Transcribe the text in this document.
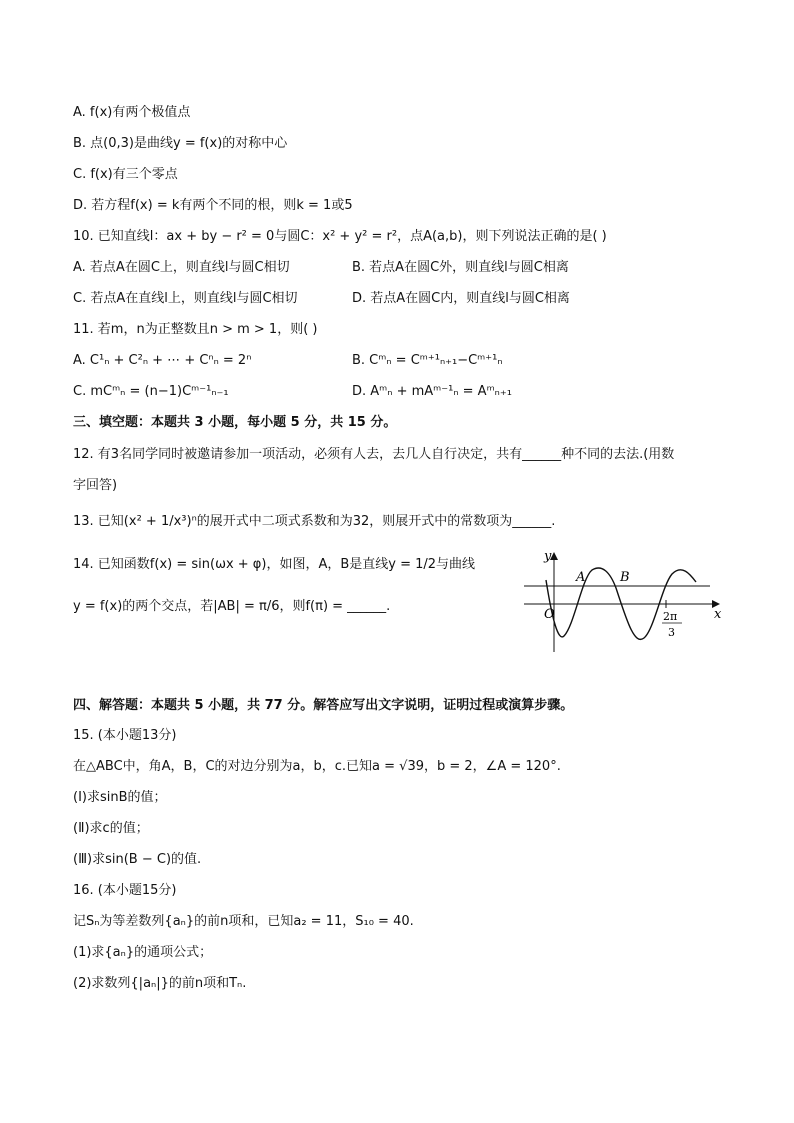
A. f(x)有两个极值点
B. 点(0,3)是曲线y = f(x)的对称中心
C. f(x)有三个零点
D. 若方程f(x) = k有两个不同的根，则k = 1或5
10. 已知直线l：ax + by − r² = 0与圆C：x² + y² = r²，点A(a,b)，则下列说法正确的是( )
11. 若m，n为正整数且n > m > 1，则( )
三、填空题：本题共 3 小题，每小题 5 分，共 15 分。
12. 有3名同学同时被邀请参加一项活动，必须有人去，去几人自行决定，共有______种不同的去法.(用数
字回答)
13. 已知(x² + 1/x³)ⁿ的展开式中二项式系数和为32，则展开式中的常数项为______.
14. 已知函数f(x) = sin(ωx + φ)，如图，A，B是直线y = 1/2与曲线
y = f(x)的两个交点，若|AB| = π/6，则f(π) = ______.
四、解答题：本题共 5 小题，共 77 分。解答应写出文字说明，证明过程或演算步骤。
15. (本小题13分)
在△ABC中，角A，B，C的对边分别为a，b，c.已知a = √39，b = 2，∠A = 120°.
(Ⅰ)求sinB的值；
(Ⅱ)求c的值；
(Ⅲ)求sin(B − C)的值.
16. (本小题15分)
记Sₙ为等差数列{aₙ}的前n项和，已知a₂ = 11，S₁₀ = 40.
(1)求{aₙ}的通项公式；
(2)求数列{|aₙ|}的前n项和Tₙ.
A. 若点A在圆C上，则直线l与圆C相切	B. 若点A在圆C外，则直线l与圆C相离
C. 若点A在直线l上，则直线l与圆C相切	D. 若点A在圆C内，则直线l与圆C相离
A. C¹ₙ + C²ₙ + ⋯ + Cⁿₙ = 2ⁿ	B. Cᵐₙ = Cᵐ⁺¹ₙ₊₁−Cᵐ⁺¹ₙ
C. mCᵐₙ = (n−1)Cᵐ⁻¹ₙ₋₁	D. Aᵐₙ + mAᵐ⁻¹ₙ = Aᵐₙ₊₁
y
x
O
A	B
2π
3
